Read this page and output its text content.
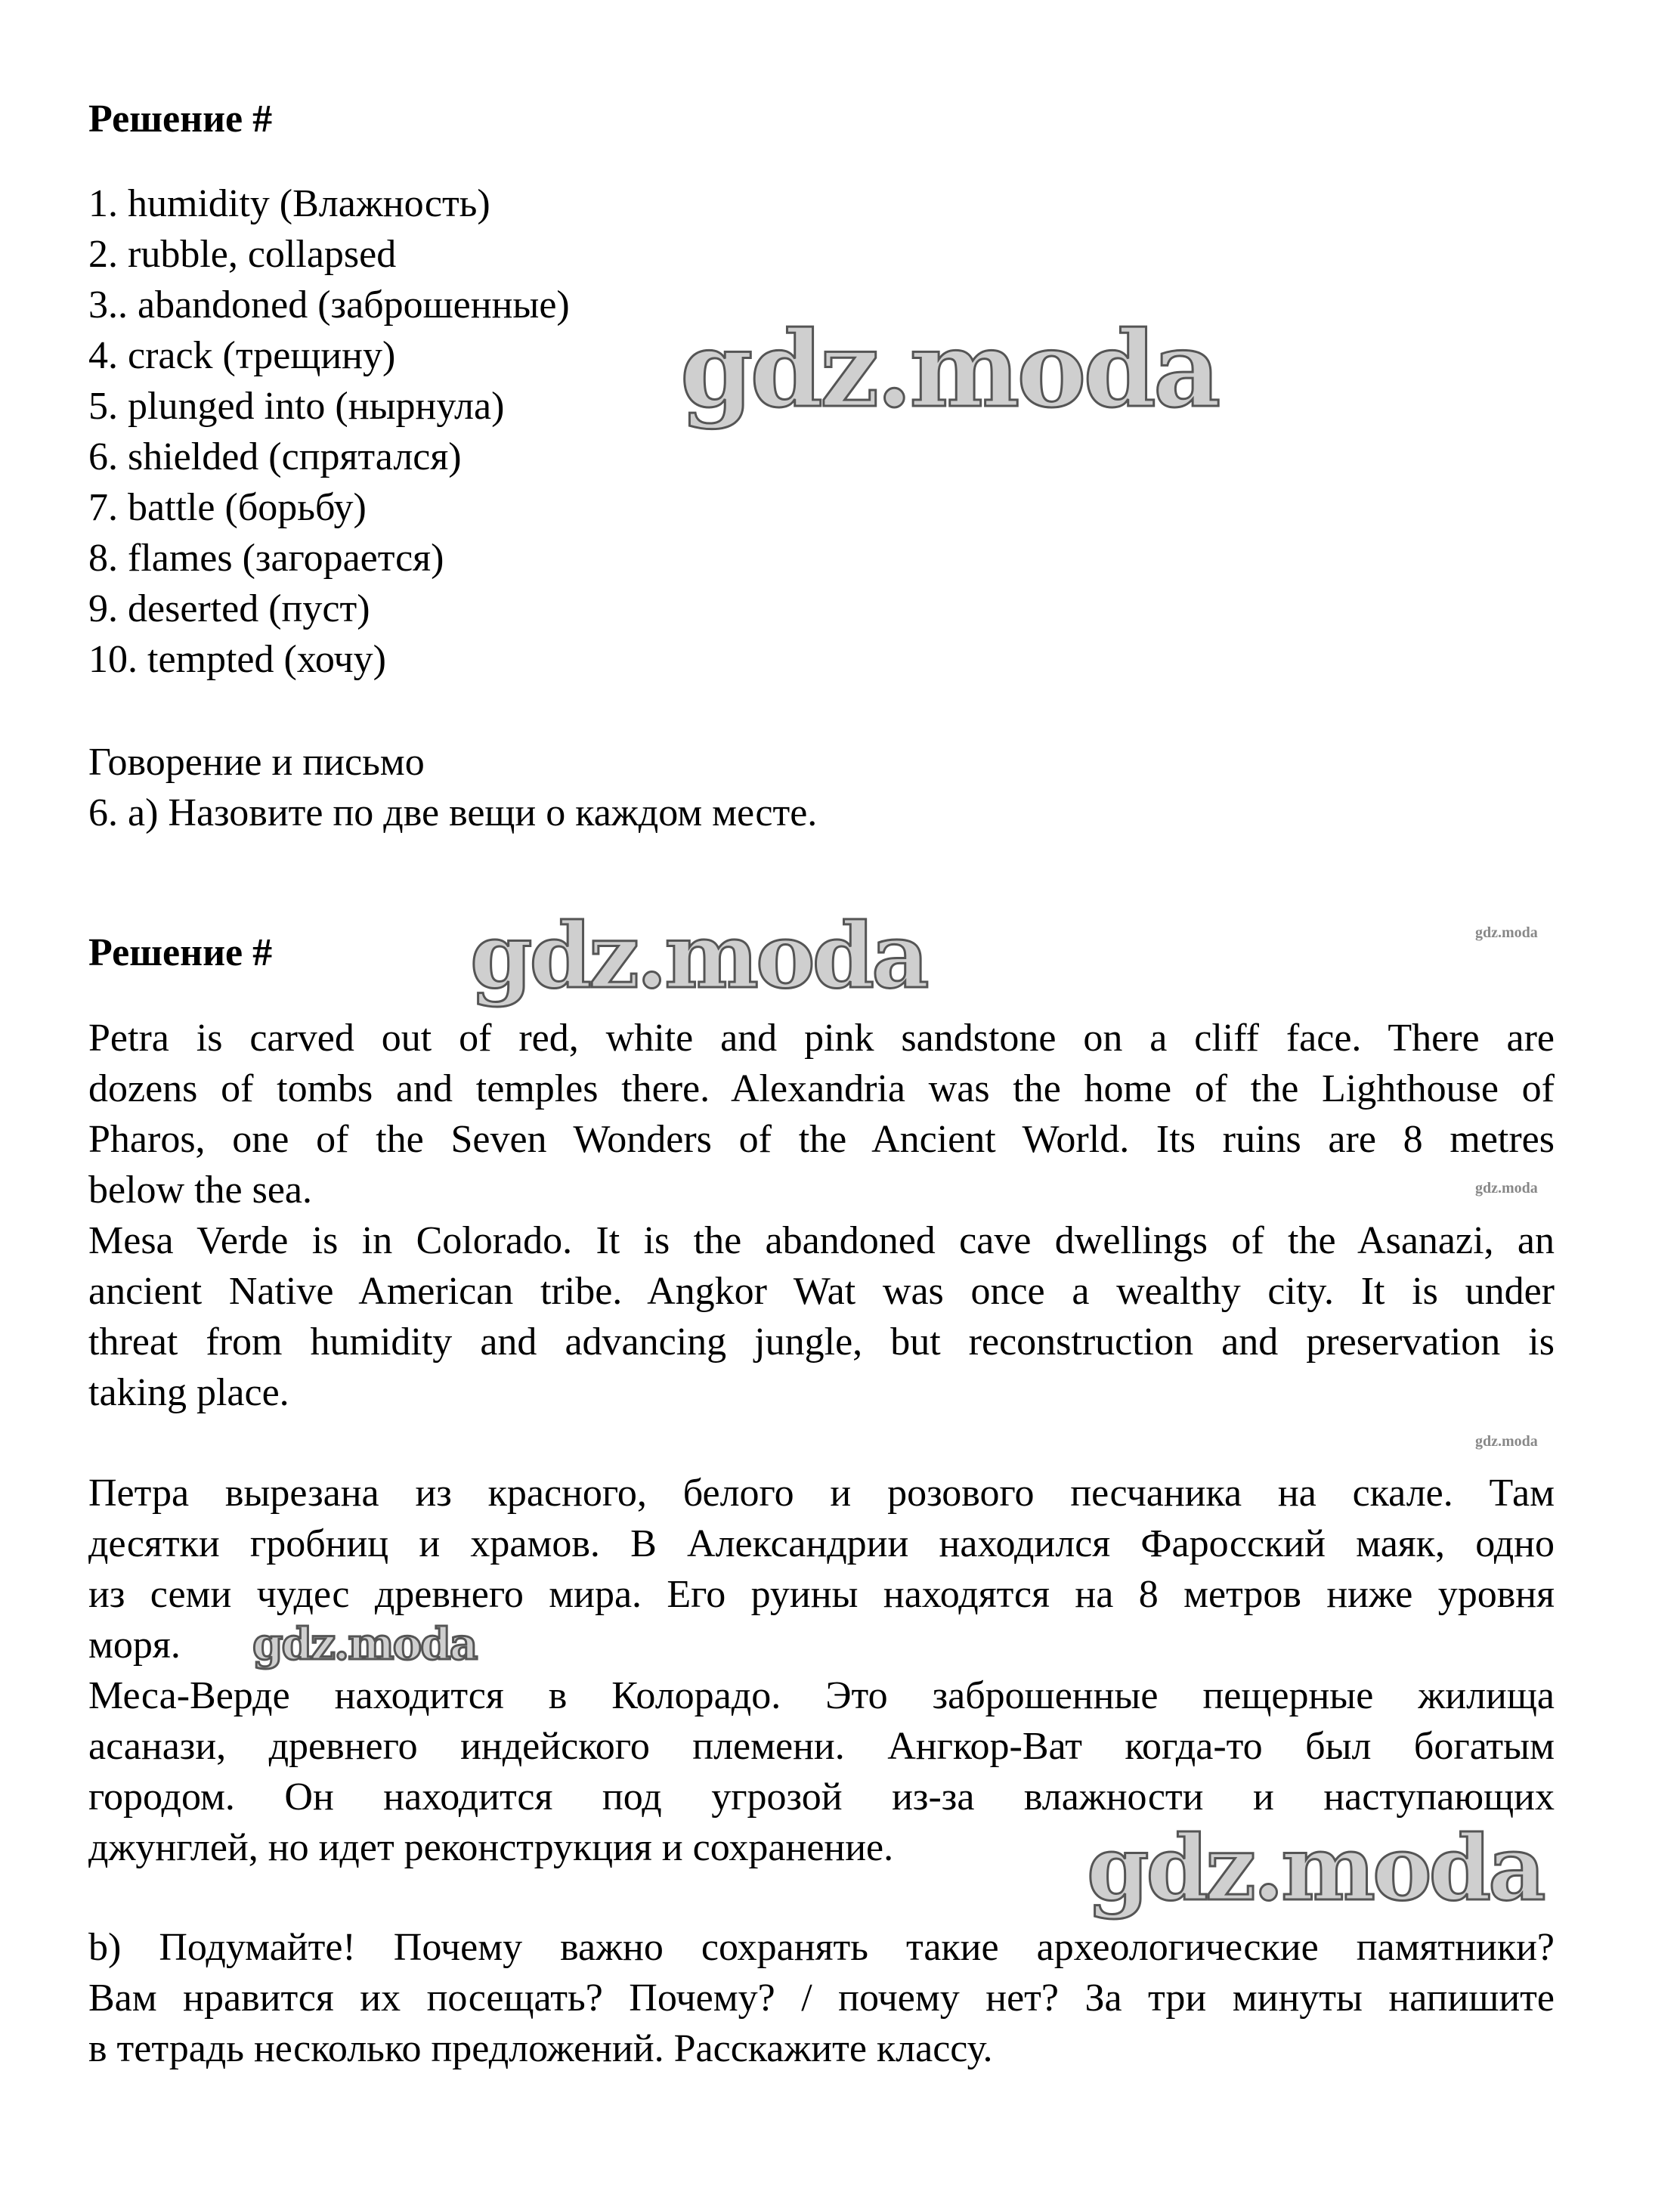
Решение #
1. humidity (Влажность)
2. rubble, collapsed
3.. abandoned (заброшенные)
4. crack (трещину)
5. plunged into (нырнула)
6. shielded (спрятался)
7. battle (борьбу)
8. flames (загорается)
9. deserted (пуст)
10. tempted (хочу)
Говорение и письмо
6. а) Назовите по две вещи о каждом месте.
Решение #
Petra is carved out of red, white and pink sandstone on a cliff face. There are
dozens of tombs and temples there. Alexandria was the home of the Lighthouse of
Pharos, one of the Seven Wonders of the Ancient World. Its ruins are 8 metres
below the sea.
Mesa Verde is in Colorado. It is the abandoned cave dwellings of the Asanazi, an
ancient Native American tribe. Angkor Wat was once a wealthy city. It is under
threat from humidity and advancing jungle, but reconstruction and preservation is
taking place.
Петра вырезана из красного, белого и розового песчаника на скале. Там
десятки гробниц и храмов. В Александрии находился Фаросский маяк, одно
из семи чудес древнего мира. Его руины находятся на 8 метров ниже уровня
моря.
Меса-Верде находится в Колорадо. Это заброшенные пещерные жилища
асанази, древнего индейского племени. Ангкор-Ват когда-то был богатым
городом. Он находится под угрозой из-за влажности и наступающих
джунглей, но идет реконструкция и сохранение.
b) Подумайте! Почему важно сохранять такие археологические памятники?
Вам нравится их посещать? Почему? / почему нет? За три минуты напишите
в тетрадь несколько предложений. Расскажите классу.
gdz.moda
gdz.moda
gdz.moda
gdz.moda
gdz.moda
gdz.moda
gdz.moda
